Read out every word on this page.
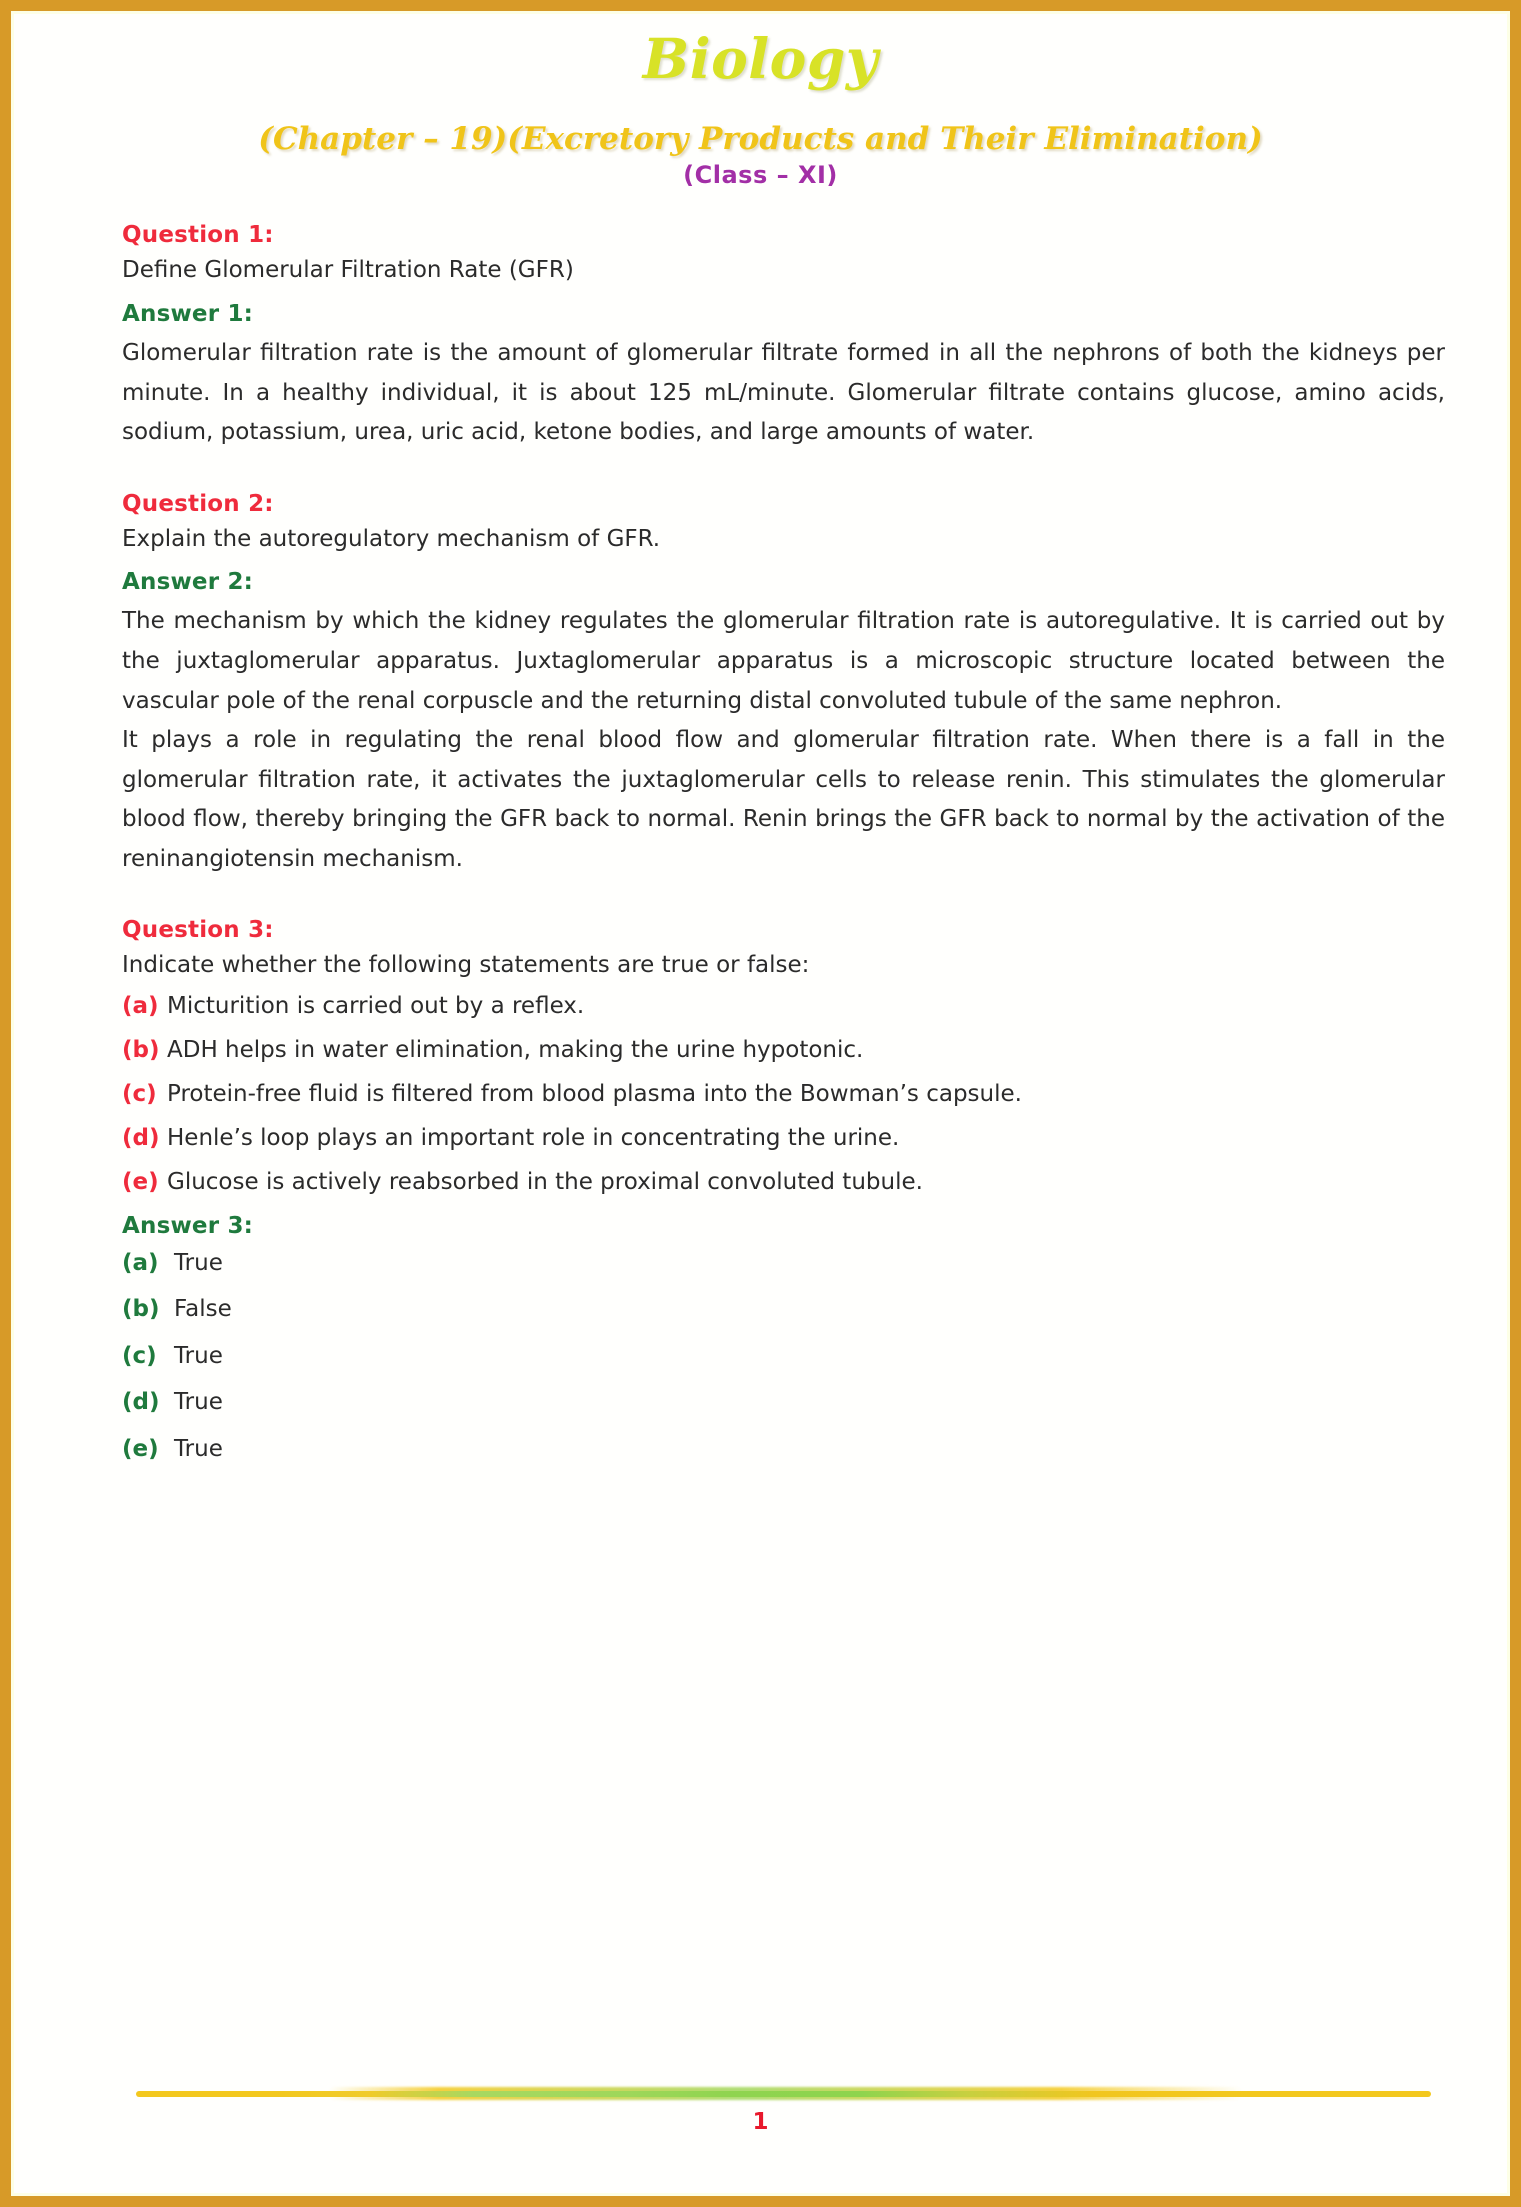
Biology
(Chapter – 19)(Excretory Products and Their Elimination)
(Class – XI)
Question 1:

Define Glomerular Filtration Rate (GFR)

Answer 1:

Glomerular filtration rate is the amount of glomerular filtrate formed in all the nephrons of both the kidneys per minute. In a healthy individual, it is about 125 mL/minute. Glomerular filtrate contains glucose, amino acids, sodium, potassium, urea, uric acid, ketone bodies, and large amounts of water.

Question 2:

Explain the autoregulatory mechanism of GFR.

Answer 2:

The mechanism by which the kidney regulates the glomerular filtration rate is autoregulative. It is carried out by the juxtaglomerular apparatus. Juxtaglomerular apparatus is a microscopic structure located between the vascular pole of the renal corpuscle and the returning distal convoluted tubule of the same nephron.

It plays a role in regulating the renal blood flow and glomerular filtration rate. When there is a fall in the glomerular filtration rate, it activates the juxtaglomerular cells to release renin. This stimulates the glomerular blood flow, thereby bringing the GFR back to normal. Renin brings the GFR back to normal by the activation of the reninangiotensin mechanism.

Question 3:

Indicate whether the following statements are true or false:

(a) Micturition is carried out by a reflex.
(b) ADH helps in water elimination, making the urine hypotonic.
(c) Protein-free fluid is filtered from blood plasma into the Bowman’s capsule.
(d) Henle’s loop plays an important role in concentrating the urine.
(e) Glucose is actively reabsorbed in the proximal convoluted tubule.
Answer 3:
(a) True
(b) False
(c) True
(d) True
(e) True
1
